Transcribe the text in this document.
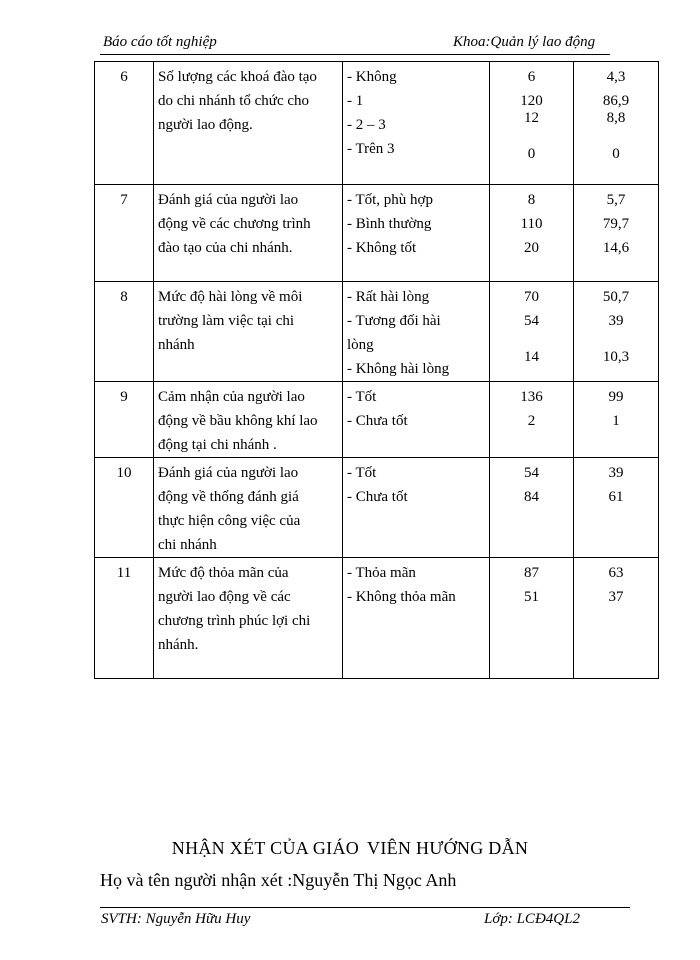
Báo cáo tốt nghiệp	Khoa:Quản lý lao động
6	Số lượng các khoá đào tạo
do chi nhánh tổ chức cho
người lao động.	- Không
- 1
- 2 – 3
- Trên 3	6
120
12
0	4,3
86,9
8,8
0

7	Đánh giá của người lao
động về các chương trình
đào tạo của chi nhánh.	- Tốt, phù hợp
- Bình thường
- Không tốt	8
110
20	5,7
79,7
14,6

8	Mức độ hài lòng về môi
trường làm việc tại chi
nhánh	- Rất hài lòng
- Tương đối hài
lòng
- Không hài lòng	70
54
14	50,7
39
10,3

9	Cảm nhận của người lao
động về bầu không khí lao
động tại chi nhánh .	- Tốt
- Chưa tốt	136
2	99
1

10	Đánh giá của người lao
động về thống đánh giá
thực hiện công việc của
chi nhánh	- Tốt
- Chưa tốt	54
84	39
61

11	Mức độ thỏa mãn của
người lao động về các
chương trình phúc lợi chi
nhánh.	- Thỏa mãn
- Không thỏa mãn	87
51	63
37
NHẬN XÉT CỦA GIÁO VIÊN HƯỚNG DẪN
Họ và tên người nhận xét :Nguyễn Thị Ngọc Anh
SVTH: Nguyễn Hữu Huy	Lớp: LCĐ4QL2
